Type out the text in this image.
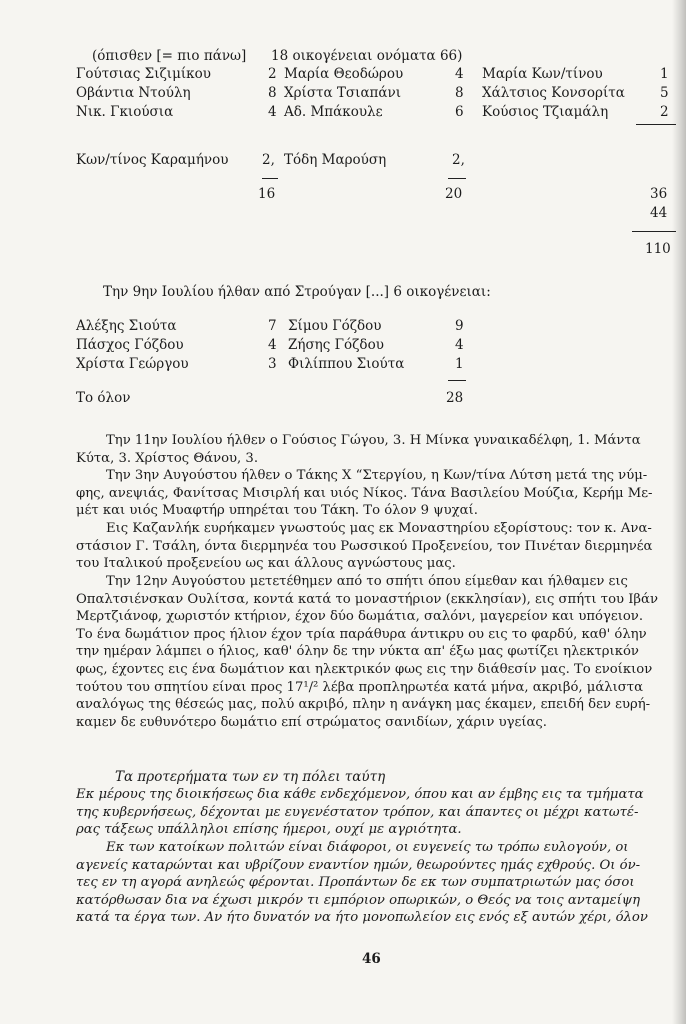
(όπισθεν [= πιο πάνω] 18 οικογένειαι ονόματα 66)
Γούτσιας Σιζιμίκου	2 Μαρία Θεοδώρου	4 Μαρία Κων/τίνου	1
Οβάντια Ντούλη	8 Χρίστα Τσιαπάνι	8 Χάλτσιος Κονσορίτα	5
Νικ. Γκιούσια	4 Αδ. Μπάκουλε	6 Κούσιος Τζιαμάλη	2
Κων/τίνος Καραμήνου 2, Τόδη Μαρούση	2,
16	20	36
44
110
Την 9ην Ιουλίου ήλθαν από Στρούγαν [...] 6 οικογένειαι:
Αλέξης Σιούτα	7 Σίμου Γόζδου	9
Πάσχος Γόζδου	4 Ζήσης Γόζδου	4
Χρίστα Γεώργου	3 Φιλίππου Σιούτα	1
Το όλον	28
Την 11ην Ιουλίου ήλθεν ο Γούσιος Γώγου, 3. Η Μίνκα γυναικαδέλφη, 1. Μάντα
Κύτα, 3. Χρίστος Θάνου, 3.
Την 3ην Αυγούστου ήλθεν ο Τάκης Χ “Στεργίου, η Κων/τίνα Λύτση μετά της νύμ-
φης, ανεψιάς, Φανίτσας Μισιρλή και υιός Νίκος. Τάνα Βασιλείου Μούζια, Κερήμ Με-
μέτ και υιός Μυαφτήρ υπηρέται του Τάκη. Το όλον 9 ψυχαί.
Εις Καζανλήκ ευρήκαμεν γνωστούς μας εκ Μοναστηρίου εξορίστους: τον κ. Ανα-
στάσιον Γ. Τσάλη, όντα διερμηνέα του Ρωσσικού Προξενείου, τον Πινέταν διερμηνέα
του Ιταλικού προξενείου ως και άλλους αγνώστους μας.
Την 12ην Αυγούστου μετετέθημεν από το σπήτι όπου είμεθαν και ήλθαμεν εις
Οπαλτσιένσκαν Ουλίτσα, κοντά κατά το μοναστήριον (εκκλησίαν), εις σπήτι του Ιβάν
Μερτζιάνοφ, χωριστόν κτήριον, έχον δύο δωμάτια, σαλόνι, μαγερείον και υπόγειον.
Το ένα δωμάτιον προς ήλιον έχον τρία παράθυρα άντικρυ ου εις το φαρδύ, καθ' όλην
την ημέραν λάμπει ο ήλιος, καθ' όλην δε την νύκτα απ' έξω μας φωτίζει ηλεκτρικόν
φως, έχοντες εις ένα δωμάτιον και ηλεκτρικόν φως εις την διάθεσίν μας. Το ενοίκιον
τούτου του σπητίου είναι προς 17¹/² λέβα προπληρωτέα κατά μήνα, ακριβό, μάλιστα
αναλόγως της θέσεώς μας, πολύ ακριβό, πλην η ανάγκη μας έκαμεν, επειδή δεν ευρή-
καμεν δε ευθυνότερο δωμάτιο επί στρώματος σανιδίων, χάριν υγείας.
Τα προτερήματα των εν τη πόλει ταύτη
Εκ μέρους της διοικήσεως δια κάθε ενδεχόμενον, όπου και αν έμβης εις τα τμήματα
της κυβερνήσεως, δέχονται με ευγενέστατον τρόπον, και άπαντες οι μέχρι κατωτέ-
ρας τάξεως υπάλληλοι επίσης ήμεροι, ουχί με αγριότητα.
Εκ των κατοίκων πολιτών είναι διάφοροι, οι ευγενείς τω τρόπω ευλογούν, οι
αγενείς καταρώνται και υβρίζουν εναντίον ημών, θεωρούντες ημάς εχθρούς. Οι όν-
τες εν τη αγορά ανηλεώς φέρονται. Προπάντων δε εκ των συμπατριωτών μας όσοι
κατόρθωσαν δια να έχωσι μικρόν τι εμπόριον οπωρικών, ο Θεός να τοις ανταμείψη
κατά τα έργα των. Αν ήτο δυνατόν να ήτο μονοπωλείον εις ενός εξ αυτών χέρι, όλον
46
